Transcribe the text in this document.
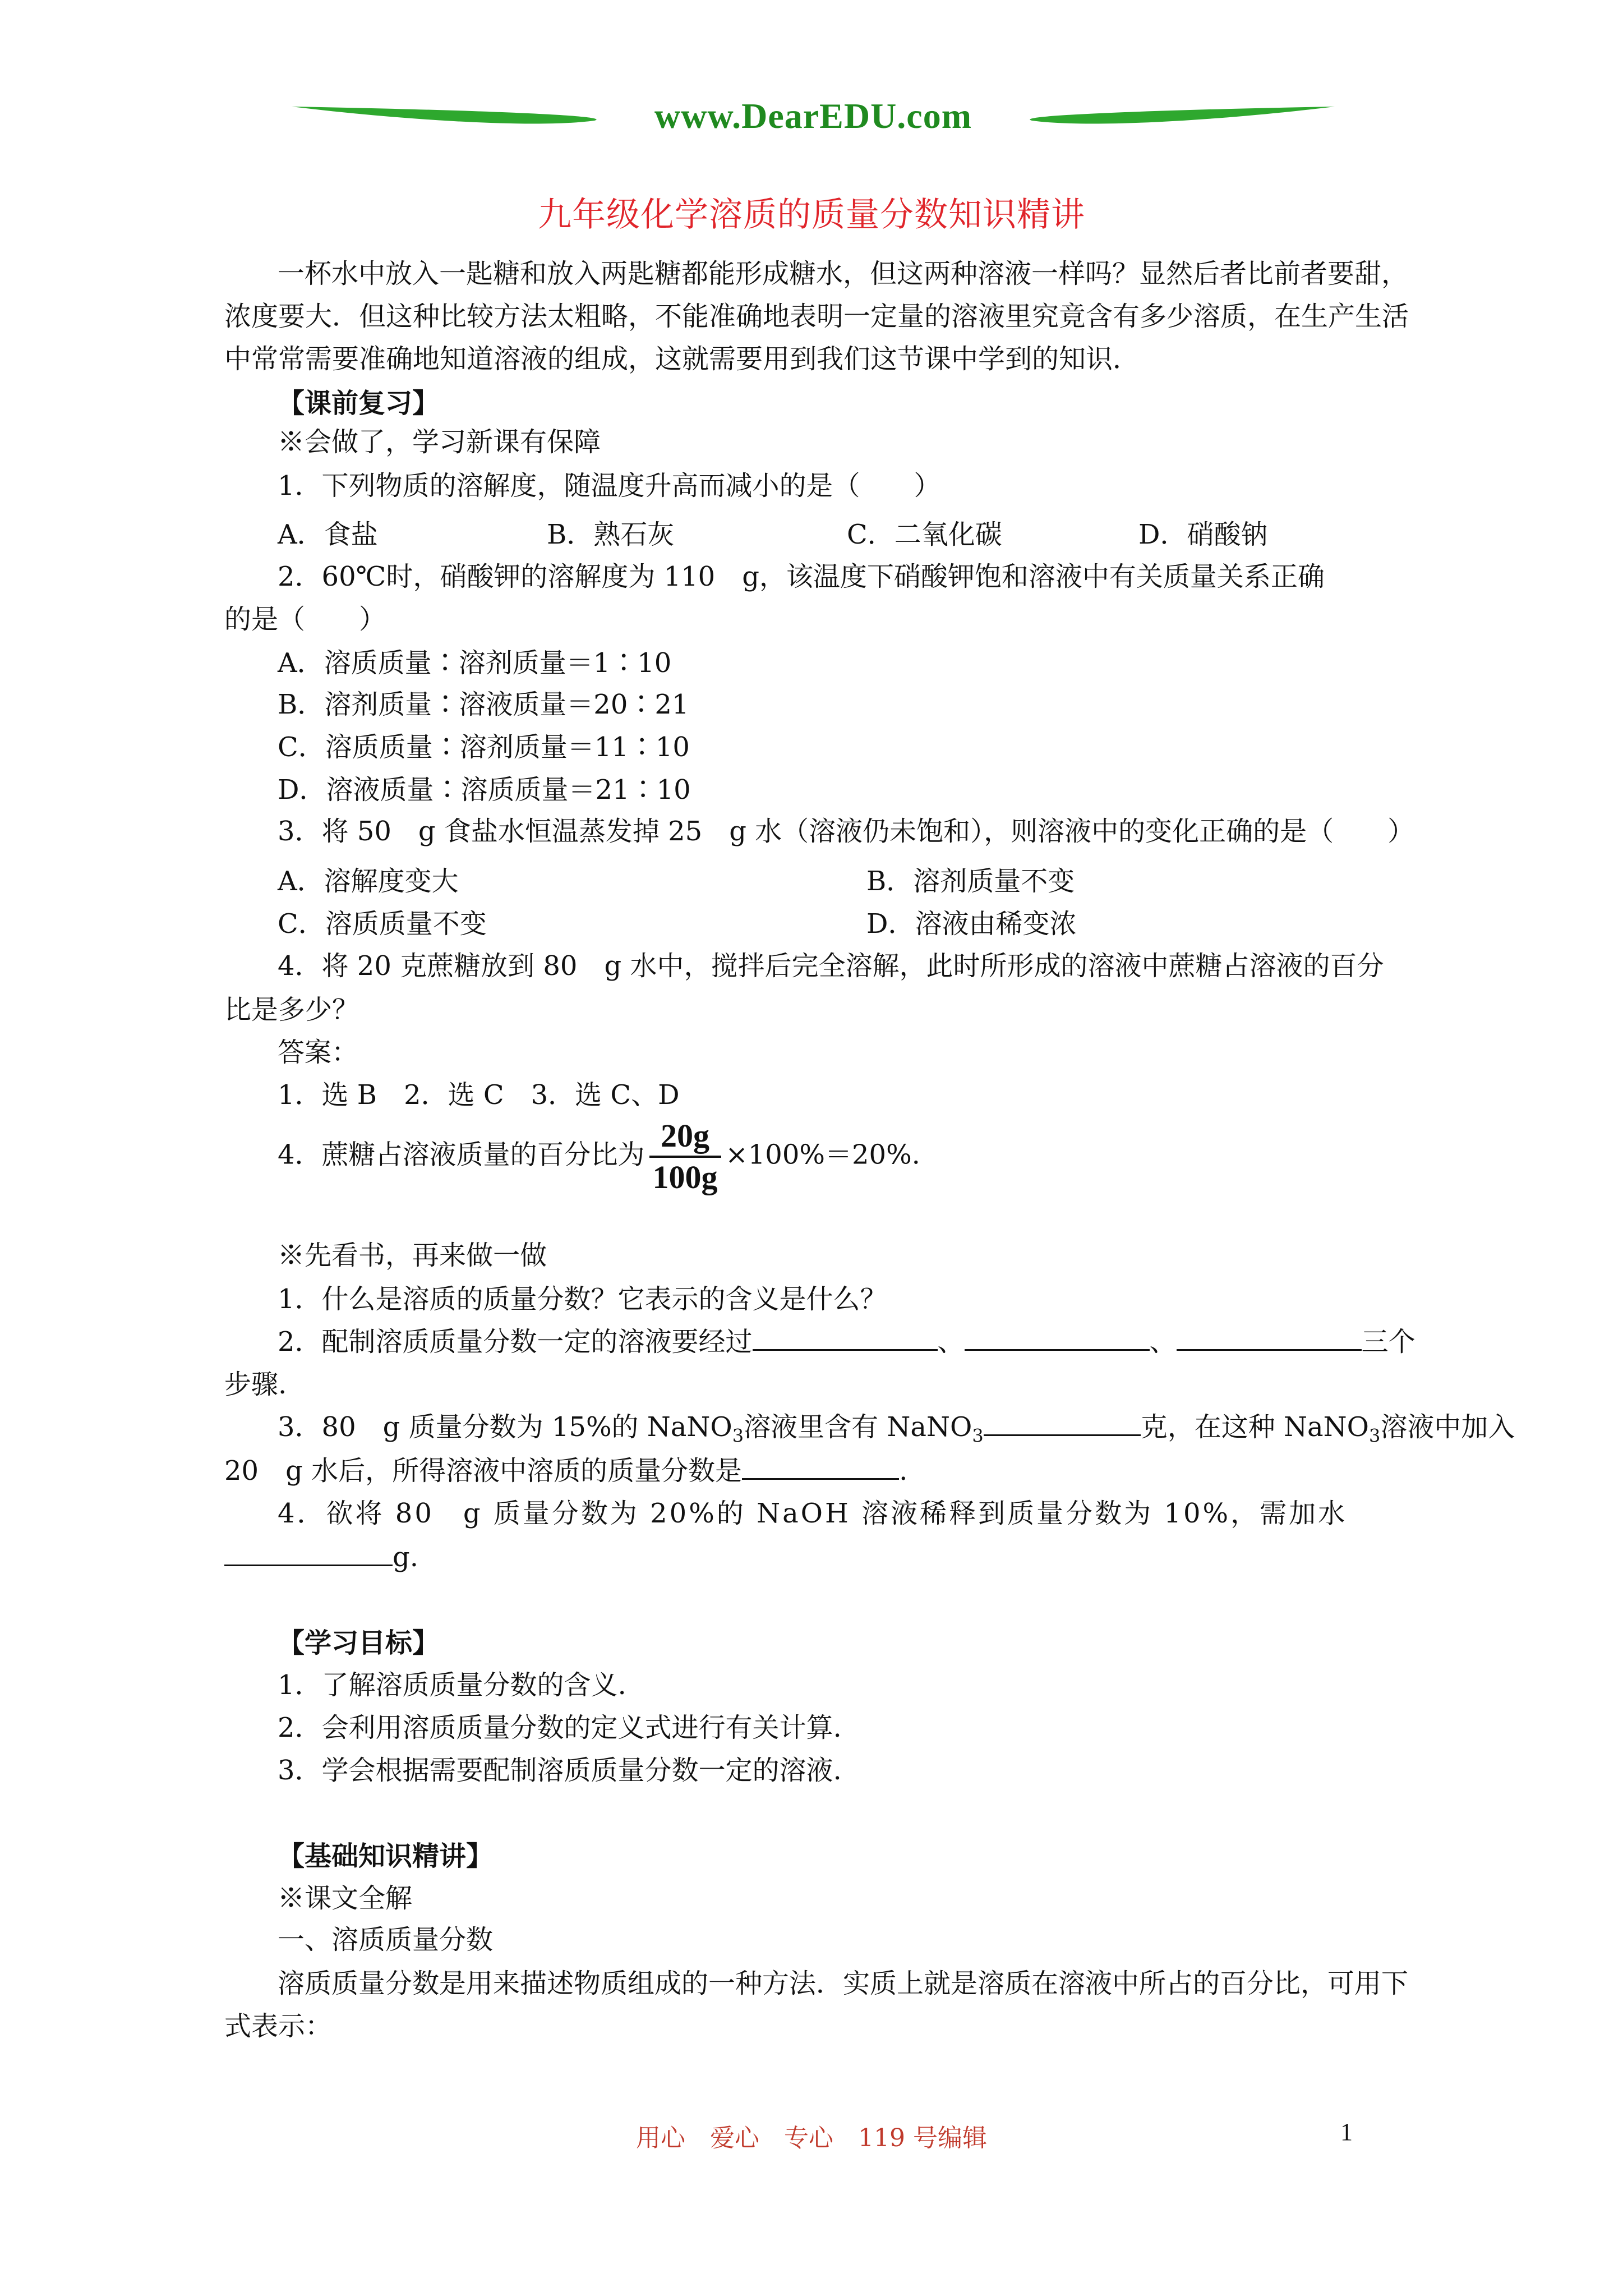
www.DearEDU.com
九年级化学溶质的质量分数知识精讲
一杯水中放入一匙糖和放入两匙糖都能形成糖水，但这两种溶液一样吗？显然后者比前者要甜，浓度要大．但这种比较方法太粗略，不能准确地表明一定量的溶液里究竟含有多少溶质，在生产生活中常常需要准确地知道溶液的组成，这就需要用到我们这节课中学到的知识．
【课前复习】
※会做了，学习新课有保障
1．下列物质的溶解度，随温度升高而减小的是（　　）
A．食盐	B．熟石灰	C．二氧化碳	D．硝酸钠
2．60℃时，硝酸钾的溶解度为 110　g，该温度下硝酸钾饱和溶液中有关质量关系正确
的是（　　）
A．溶质质量∶溶剂质量＝1∶10
B．溶剂质量∶溶液质量＝20∶21
C．溶质质量∶溶剂质量＝11∶10
D．溶液质量∶溶质质量＝21∶10
3．将 50　g 食盐水恒温蒸发掉 25　g 水（溶液仍未饱和），则溶液中的变化正确的是（　　）
A．溶解度变大	B．溶剂质量不变
C．溶质质量不变	D．溶液由稀变浓
4．将 20 克蔗糖放到 80　g 水中，搅拌后完全溶解，此时所形成的溶液中蔗糖占溶液的百分
比是多少？
答案：
1．选 B　2．选 C　3．选 C、D
4．蔗糖占溶液质量的百分比为 $\frac{20g}{100g} \times 100\%=20\%$.
※先看书，再来做一做
1．什么是溶质的质量分数？它表示的含义是什么？
2．配制溶质质量分数一定的溶液要经过	、	、	三个
步骤.
3．80　g 质量分数为 15%的 NaNO$_3$溶液里含有 NaNO$_3$	克，在这种 NaNO$_3$溶液中加入
20　g 水后，所得溶液中溶质的质量分数是	.
4．欲将 80　g 质量分数为 20%的 NaOH 溶液稀释到质量分数为 10%，需加水
g.
【学习目标】
1．了解溶质质量分数的含义.
2．会利用溶质质量分数的定义式进行有关计算.
3．学会根据需要配制溶质质量分数一定的溶液.
【基础知识精讲】
※课文全解
一、溶质质量分数
溶质质量分数是用来描述物质组成的一种方法．实质上就是溶质在溶液中所占的百分比，可用下式表示：
用心　爱心　专心　119 号编辑	1
